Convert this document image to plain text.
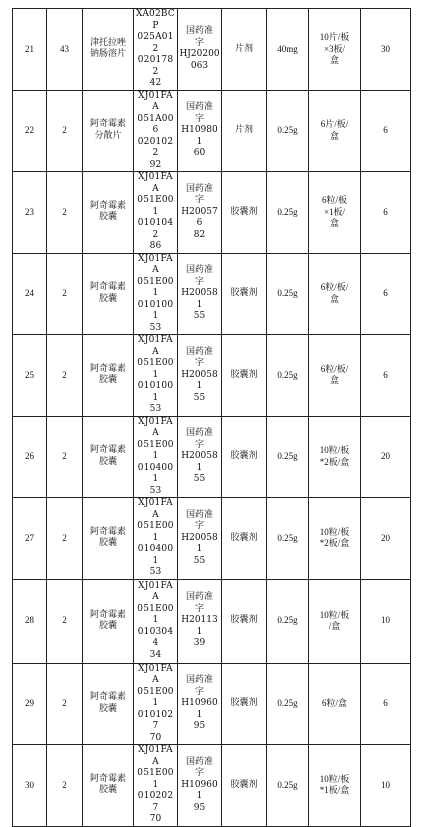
21	43	津托拉唑
钠肠溶片	XA02BCP
025A012
0201782
42	国药准
字
HJ20200
063	片剂	40mg	10片/板
×3板/
盒	30
22	2	阿奇霉素
分散片	XJ01FAA
051A006
0201022
92	国药准
字
H109801
60	片剂	0.25g	6片/板/
盒	6
23	2	阿奇霉素
胶囊	XJ01FAA
051E001
0101042
86	国药准
字
H200576
82	胶囊剂	0.25g	6粒/板
×1板/
盒	6
24	2	阿奇霉素
胶囊	XJ01FAA
051E001
0101001
53	国药准
字
H200581
55	胶囊剂	0.25g	6粒/板/
盒	6
25	2	阿奇霉素
胶囊	XJ01FAA
051E001
0101001
53	国药准
字
H200581
55	胶囊剂	0.25g	6粒/板/
盒	6
26	2	阿奇霉素
胶囊	XJ01FAA
051E001
0104001
53	国药准
字
H200581
55	胶囊剂	0.25g	10粒/板
*2板/盒	20
27	2	阿奇霉素
胶囊	XJ01FAA
051E001
0104001
53	国药准
字
H200581
55	胶囊剂	0.25g	10粒/板
*2板/盒	20
28	2	阿奇霉素
胶囊	XJ01FAA
051E001
0103044
34	国药准
字
H201131
39	胶囊剂	0.25g	10粒/板
/盒	10
29	2	阿奇霉素
胶囊	XJ01FAA
051E001
0101027
70	国药准
字
H109601
95	胶囊剂	0.25g	6粒/盒	6
30	2	阿奇霉素
胶囊	XJ01FAA
051E001
0102027
70	国药准
字
H109601
95	胶囊剂	0.25g	10粒/板
*1板/盒	10
